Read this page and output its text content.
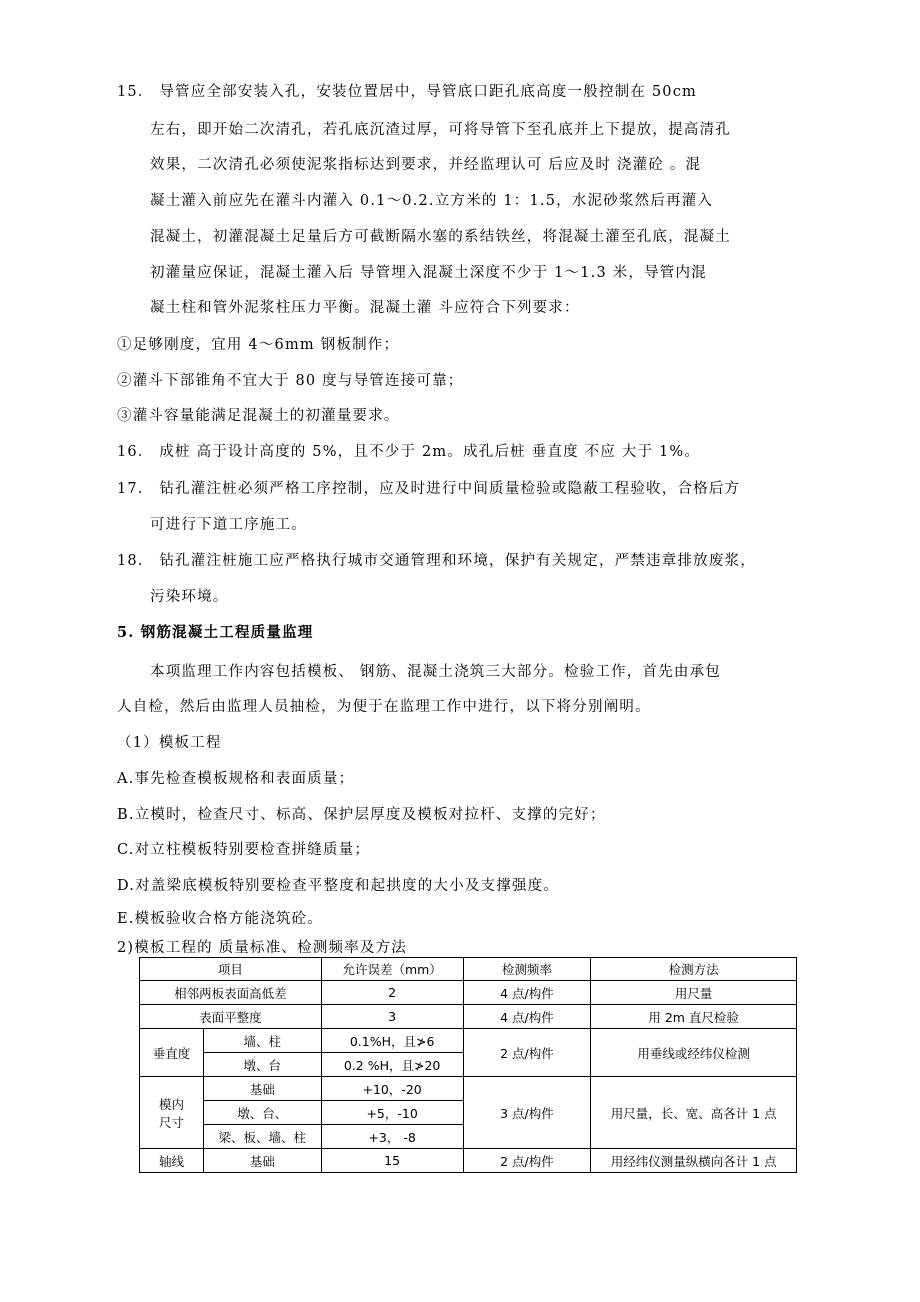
15． 导管应全部安装入孔，安装位置居中，导管底口距孔底高度一般控制在 50cm
左右，即开始二次清孔，若孔底沉渣过厚，可将导管下至孔底并上下提放，提高清孔
效果，二次清孔必须使泥浆指标达到要求，并经监理认可 后应及时 浇灌砼 。混
凝土灌入前应先在灌斗内灌入 0.1～0.2.立方米的 1：1.5，水泥砂浆然后再灌入
混凝土，初灌混凝土足量后方可截断隔水塞的系结铁丝，将混凝土灌至孔底，混凝土
初灌量应保证，混凝土灌入后 导管埋入混凝土深度不少于 1～1.3 米，导管内混
凝土柱和管外泥浆柱压力平衡。混凝土灌 斗应符合下列要求：
①足够刚度，宜用 4～6mm 钢板制作；
②灌斗下部锥角不宜大于 80 度与导管连接可靠；
③灌斗容量能满足混凝土的初灌量要求。
16． 成桩 高于设计高度的 5%，且不少于 2m。成孔后桩 垂直度 不应 大于 1%。
17． 钻孔灌注桩必须严格工序控制，应及时进行中间质量检验或隐蔽工程验收，合格后方
可进行下道工序施工。
18． 钻孔灌注桩施工应严格执行城市交通管理和环境，保护有关规定，严禁违章排放废浆，
污染环境。
5. 钢筋混凝土工程质量监理
本项监理工作内容包括模板、 钢筋、混凝土浇筑三大部分。检验工作，首先由承包
人自检，然后由监理人员抽检，为便于在监理工作中进行，以下将分别阐明。
（1）模板工程
A.事先检查模板规格和表面质量；
B.立模时，检查尺寸、标高、保护层厚度及模板对拉杆、支撑的完好；
C.对立柱模板特别要检查拼缝质量；
D.对盖梁底模板特别要检查平整度和起拱度的大小及支撑强度。
E.模板验收合格方能浇筑砼。
2)模板工程的 质量标准、检测频率及方法
项目		允许误差（mm）	检测频率	检测方法
相邻两板表面高低差		2	4 点/构件	用尺量
表面平整度		3	4 点/构件	用 2m 直尺检验
垂直度	墙、柱	0.1%H，且≯6	2 点/构件	用垂线或经纬仪检测
	墩、台	0.2 %H，且≯20		
模内
尺寸	基础	+10，-20	3 点/构件	用尺量，长、宽、高各计 1 点
	墩、台、	+5，-10		
	梁、板、墙、柱	+3， -8		
轴线	基础	15	2 点/构件	用经纬仪测量纵横向各计 1 点
